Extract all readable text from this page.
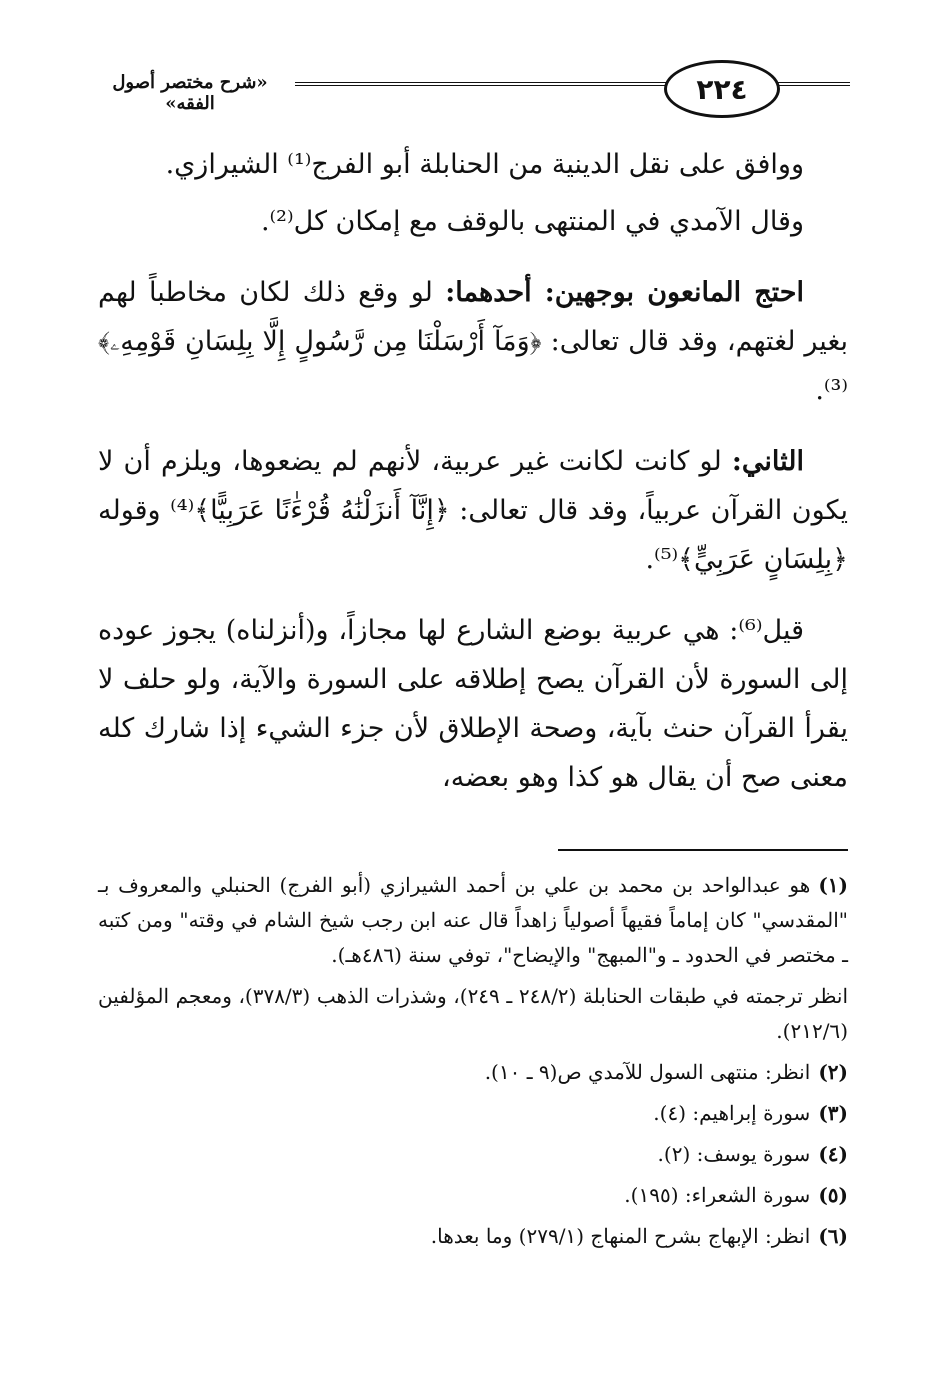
٢٢٤
«شرح مختصر أصول الفقه»

ووافق على نقل الدينية من الحنابلة أبو الفرج⁽¹⁾ الشيرازي.

وقال الآمدي في المنتهى بالوقف مع إمكان كل⁽²⁾.

احتج المانعون بوجهين: أحدهما: لو وقع ذلك لكان مخاطباً لهم بغير لغتهم، وقد قال تعالى: ﴿وَمَآ أَرْسَلْنَا مِن رَّسُولٍ إِلَّا بِلِسَانِ قَوْمِهِۦ﴾⁽³⁾.

الثاني: لو كانت لكانت غير عربية، لأنهم لم يضعوها، ويلزم أن لا يكون القرآن عربياً، وقد قال تعالى: ﴿إِنَّآ أَنزَلْنَٰهُ قُرْءَٰنًا عَرَبِيًّا﴾⁽⁴⁾ وقوله ﴿بِلِسَانٍ عَرَبِيٍّ﴾⁽⁵⁾.

قيل⁽⁶⁾: هي عربية بوضع الشارع لها مجازاً، و(أنزلناه) يجوز عوده إلى السورة لأن القرآن يصح إطلاقه على السورة والآية، ولو حلف لا يقرأ القرآن حنث بآية، وصحة الإطلاق لأن جزء الشيء إذا شارك كله معنى صح أن يقال هو كذا وهو بعضه،

(١)هو عبدالواحد بن محمد بن علي بن أحمد الشيرازي (أبو الفرج) الحنبلي والمعروف بـ "المقدسي" كان إماماً فقيهاً أصولياً زاهداً قال عنه ابن رجب شيخ الشام في وقته" ومن كتبه ـ مختصر في الحدود ـ و"المبهج" والإيضاح"، توفي سنة (٤٨٦هـ).

انظر ترجمته في طبقات الحنابلة (٢٤٨/٢ ـ ٢٤٩)، وشذرات الذهب (٣٧٨/٣)، ومعجم المؤلفين (٢١٢/٦).

(٢)انظر: منتهى السول للآمدي ص(٩ ـ ١٠).

(٣)سورة إبراهيم: (٤).

(٤)سورة يوسف: (٢).

(٥)سورة الشعراء: (١٩٥).

(٦)انظر: الإبهاج بشرح المنهاج (٢٧٩/١) وما بعدها.
